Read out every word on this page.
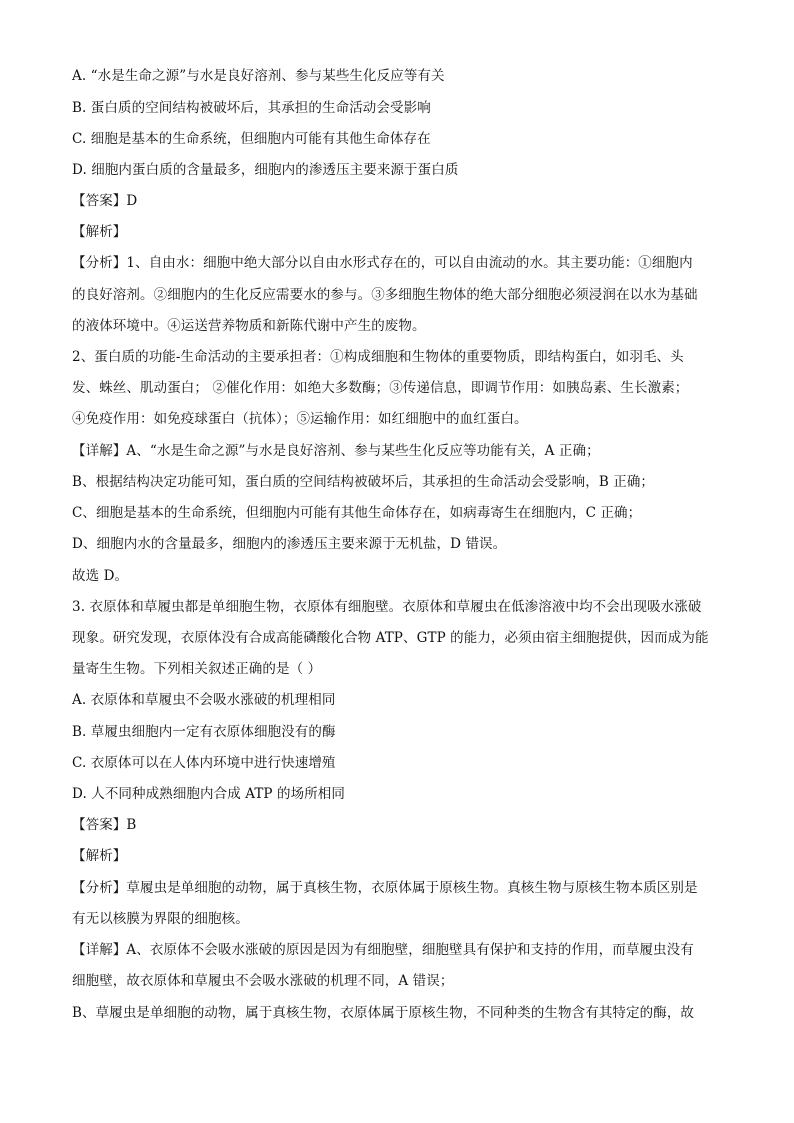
A. “水是生命之源”与水是良好溶剂、参与某些生化反应等有关
B. 蛋白质的空间结构被破坏后，其承担的生命活动会受影响
C. 细胞是基本的生命系统，但细胞内可能有其他生命体存在
D. 细胞内蛋白质的含量最多，细胞内的渗透压主要来源于蛋白质
【答案】D
【解析】
【分析】1、自由水：细胞中绝大部分以自由水形式存在的，可以自由流动的水。其主要功能：①细胞内
的良好溶剂。②细胞内的生化反应需要水的参与。③多细胞生物体的绝大部分细胞必须浸润在以水为基础
的液体环境中。④运送营养物质和新陈代谢中产生的废物。
2、蛋白质的功能-生命活动的主要承担者：①构成细胞和生物体的重要物质，即结构蛋白，如羽毛、头
发、蛛丝、肌动蛋白； ②催化作用：如绝大多数酶；③传递信息，即调节作用：如胰岛素、生长激素；
④免疫作用：如免疫球蛋白（抗体）；⑤运输作用：如红细胞中的血红蛋白。
【详解】A、“水是生命之源”与水是良好溶剂、参与某些生化反应等功能有关，A 正确；
B、根据结构决定功能可知，蛋白质的空间结构被破坏后，其承担的生命活动会受影响，B 正确；
C、细胞是基本的生命系统，但细胞内可能有其他生命体存在，如病毒寄生在细胞内，C 正确；
D、细胞内水的含量最多，细胞内的渗透压主要来源于无机盐，D 错误。
故选 D。
3. 衣原体和草履虫都是单细胞生物，衣原体有细胞壁。衣原体和草履虫在低渗溶液中均不会出现吸水涨破
现象。研究发现，衣原体没有合成高能磷酸化合物 ATP、GTP 的能力，必须由宿主细胞提供，因而成为能
量寄生生物。下列相关叙述正确的是（ ）
A. 衣原体和草履虫不会吸水涨破的机理相同
B. 草履虫细胞内一定有衣原体细胞没有的酶
C. 衣原体可以在人体内环境中进行快速增殖
D. 人不同种成熟细胞内合成 ATP 的场所相同
【答案】B
【解析】
【分析】草履虫是单细胞的动物，属于真核生物，衣原体属于原核生物。真核生物与原核生物本质区别是
有无以核膜为界限的细胞核。
【详解】A、衣原体不会吸水涨破的原因是因为有细胞壁，细胞壁具有保护和支持的作用，而草履虫没有
细胞壁，故衣原体和草履虫不会吸水涨破的机理不同，A 错误；
B、草履虫是单细胞的动物，属于真核生物，衣原体属于原核生物，不同种类的生物含有其特定的酶，故
